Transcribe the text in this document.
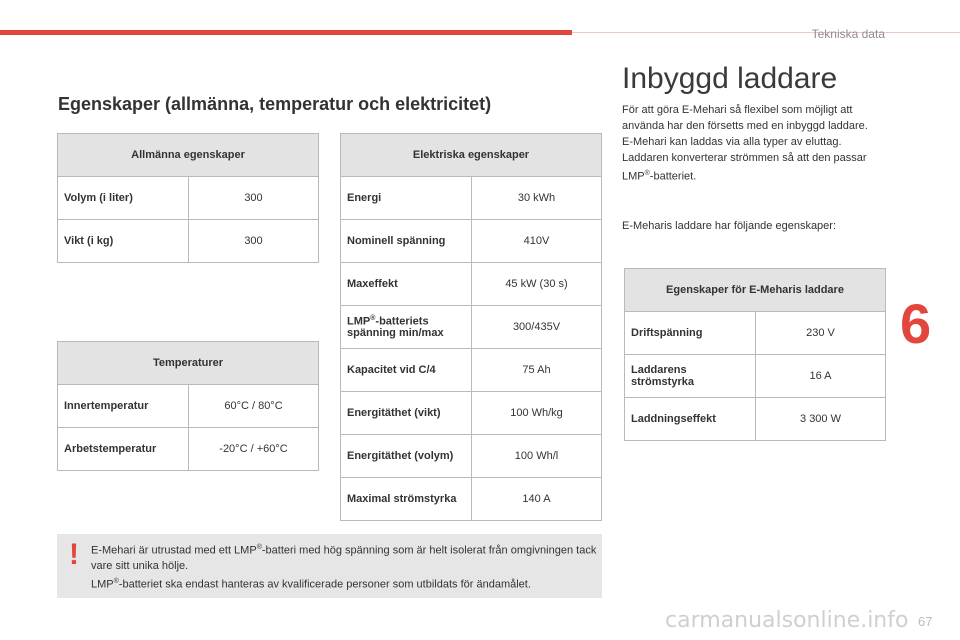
Tekniska data
6
Egenskaper (allmänna, temperatur och elektricitet)
Allmänna egenskaper	
Volym (i liter)	300
Vikt (i kg)	300
Temperaturer	
Innertemperatur	60°C / 80°C
Arbetstemperatur	-20°C / +60°C
Elektriska egenskaper	
Energi	30 kWh
Nominell spänning	410V
Maxeffekt	45 kW (30 s)
LMP®-batteriets spänning min/max	300/435V
Kapacitet vid C/4	75 Ah
Energitäthet (vikt)	100 Wh/kg
Energitäthet (volym)	100 Wh/l
Maximal strömstyrka	140 A
Inbyggd laddare

För att göra E-Mehari så flexibel som möjligt att använda har den försetts med en inbyggd laddare.

E-Mehari kan laddas via alla typer av eluttag. Laddaren konverterar strömmen så att den passar LMP®-batteriet.

E-Meharis laddare har följande egenskaper:
Egenskaper för E-Meharis laddare	
Driftspänning	230 V
Laddarens strömstyrka	16 A
Laddningseffekt	3 300 W
! E-Mehari är utrustad med ett LMP®-batteri med hög spänning som är helt isolerat från omgivningen tack vare sitt unika hölje.

LMP®-batteriet ska endast hanteras av kvalificerade personer som utbildats för ändamålet.

carmanualsonline.info 67
